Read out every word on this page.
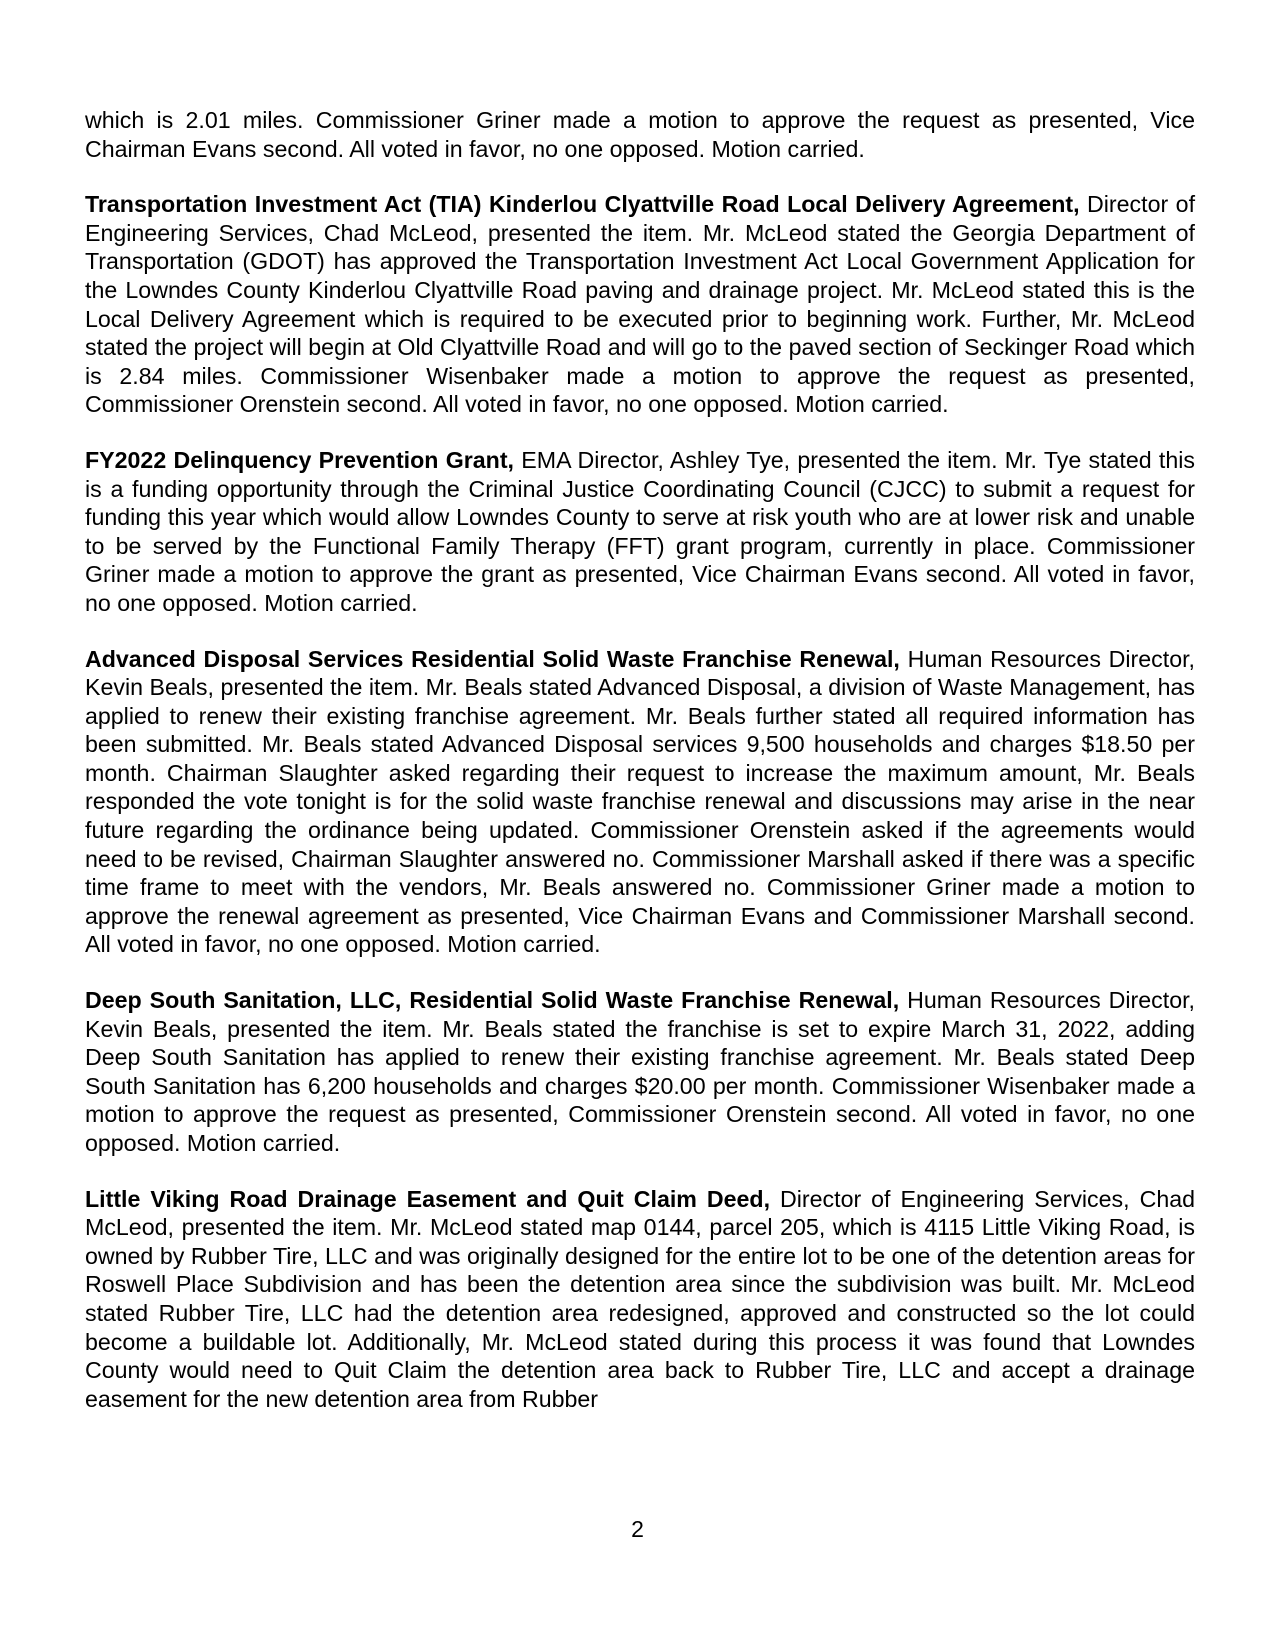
which is 2.01 miles. Commissioner Griner made a motion to approve the request as presented, Vice Chairman Evans second. All voted in favor, no one opposed. Motion carried.

Transportation Investment Act (TIA) Kinderlou Clyattville Road Local Delivery Agreement, Director of Engineering Services, Chad McLeod, presented the item. Mr. McLeod stated the Georgia Department of Transportation (GDOT) has approved the Transportation Investment Act Local Government Application for the Lowndes County Kinderlou Clyattville Road paving and drainage project. Mr. McLeod stated this is the Local Delivery Agreement which is required to be executed prior to beginning work. Further, Mr. McLeod stated the project will begin at Old Clyattville Road and will go to the paved section of Seckinger Road which is 2.84 miles. Commissioner Wisenbaker made a motion to approve the request as presented, Commissioner Orenstein second. All voted in favor, no one opposed. Motion carried.

FY2022 Delinquency Prevention Grant, EMA Director, Ashley Tye, presented the item. Mr. Tye stated this is a funding opportunity through the Criminal Justice Coordinating Council (CJCC) to submit a request for funding this year which would allow Lowndes County to serve at risk youth who are at lower risk and unable to be served by the Functional Family Therapy (FFT) grant program, currently in place. Commissioner Griner made a motion to approve the grant as presented, Vice Chairman Evans second. All voted in favor, no one opposed. Motion carried.

Advanced Disposal Services Residential Solid Waste Franchise Renewal, Human Resources Director, Kevin Beals, presented the item. Mr. Beals stated Advanced Disposal, a division of Waste Management, has applied to renew their existing franchise agreement. Mr. Beals further stated all required information has been submitted. Mr. Beals stated Advanced Disposal services 9,500 households and charges $18.50 per month. Chairman Slaughter asked regarding their request to increase the maximum amount, Mr. Beals responded the vote tonight is for the solid waste franchise renewal and discussions may arise in the near future regarding the ordinance being updated. Commissioner Orenstein asked if the agreements would need to be revised, Chairman Slaughter answered no. Commissioner Marshall asked if there was a specific time frame to meet with the vendors, Mr. Beals answered no. Commissioner Griner made a motion to approve the renewal agreement as presented, Vice Chairman Evans and Commissioner Marshall second. All voted in favor, no one opposed. Motion carried.

Deep South Sanitation, LLC, Residential Solid Waste Franchise Renewal, Human Resources Director, Kevin Beals, presented the item. Mr. Beals stated the franchise is set to expire March 31, 2022, adding Deep South Sanitation has applied to renew their existing franchise agreement. Mr. Beals stated Deep South Sanitation has 6,200 households and charges $20.00 per month. Commissioner Wisenbaker made a motion to approve the request as presented, Commissioner Orenstein second. All voted in favor, no one opposed. Motion carried.

Little Viking Road Drainage Easement and Quit Claim Deed, Director of Engineering Services, Chad McLeod, presented the item. Mr. McLeod stated map 0144, parcel 205, which is 4115 Little Viking Road, is owned by Rubber Tire, LLC and was originally designed for the entire lot to be one of the detention areas for Roswell Place Subdivision and has been the detention area since the subdivision was built. Mr. McLeod stated Rubber Tire, LLC had the detention area redesigned, approved and constructed so the lot could become a buildable lot. Additionally, Mr. McLeod stated during this process it was found that Lowndes County would need to Quit Claim the detention area back to Rubber Tire, LLC and accept a drainage easement for the new detention area from Rubber

2
